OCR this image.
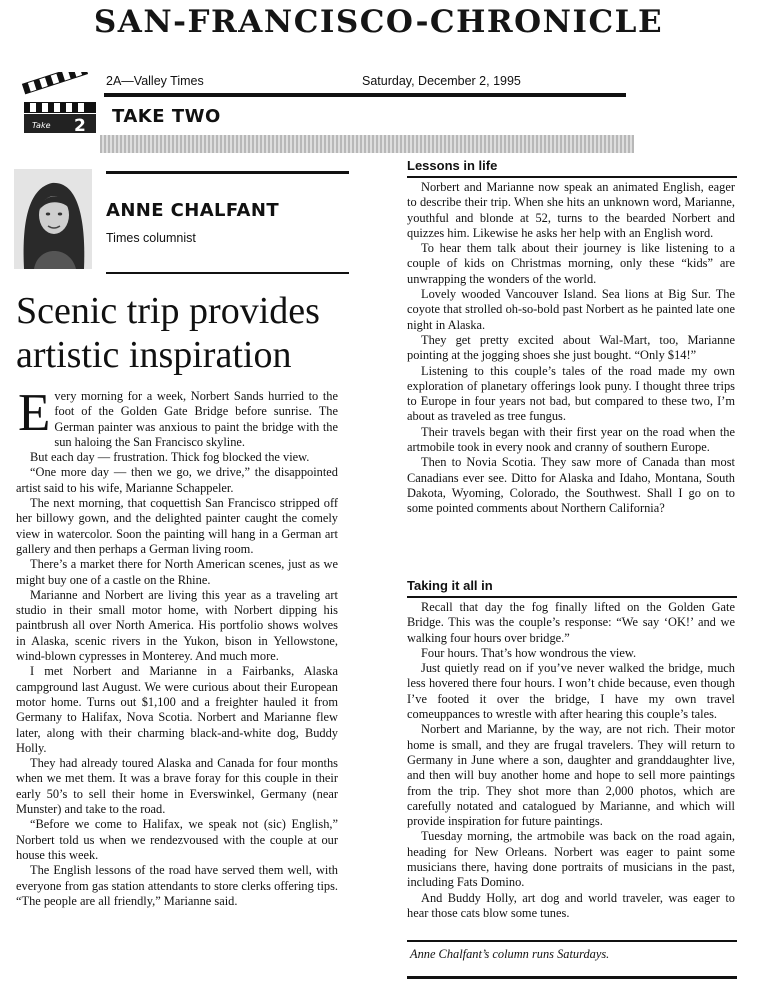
SAN-FRANCISCO-CHRONICLE
Take 2
2A—Valley Times	Saturday, December 2, 1995
TAKE TWO
ANNE CHALFANT
Times columnist
Scenic trip provides artistic inspiration
E very morning for a week, Norbert Sands hurried to the foot of the Golden Gate Bridge before sunrise. The German painter was anxious to paint the bridge with the sun haloing the San Francisco skyline.

But each day — frustration. Thick fog blocked the view.

“One more day — then we go, we drive,” the disappointed artist said to his wife, Marianne Schappeler.

The next morning, that coquettish San Francisco stripped off her billowy gown, and the delighted painter caught the comely view in watercolor. Soon the painting will hang in a German art gallery and then perhaps a German living room.

There’s a market there for North American scenes, just as we might buy one of a castle on the Rhine.

Marianne and Norbert are living this year as a traveling art studio in their small motor home, with Norbert dipping his paintbrush all over North America. His portfolio shows wolves in Alaska, scenic rivers in the Yukon, bison in Yellowstone, wind-blown cypresses in Monterey. And much more.

I met Norbert and Marianne in a Fairbanks, Alaska campground last August. We were curious about their European motor home. Turns out $1,100 and a freighter hauled it from Germany to Halifax, Nova Scotia. Norbert and Marianne flew later, along with their charming black-and-white dog, Buddy Holly.

They had already toured Alaska and Canada for four months when we met them. It was a brave foray for this couple in their early 50’s to sell their home in Everswinkel, Germany (near Munster) and take to the road.

“Before we come to Halifax, we speak not (sic) English,” Norbert told us when we rendezvoused with the couple at our house this week.

The English lessons of the road have served them well, with everyone from gas station attendants to store clerks offering tips. “The people are all friendly,” Marianne said.

Lessons in life

Norbert and Marianne now speak an animated English, eager to describe their trip. When she hits an unknown word, Marianne, youthful and blonde at 52, turns to the bearded Norbert and quizzes him. Likewise he asks her help with an English word.

To hear them talk about their journey is like listening to a couple of kids on Christmas morning, only these “kids” are unwrapping the wonders of the world.

Lovely wooded Vancouver Island. Sea lions at Big Sur. The coyote that strolled oh-so-bold past Norbert as he painted late one night in Alaska.

They get pretty excited about Wal-Mart, too, Marianne pointing at the jogging shoes she just bought. “Only $14!”

Listening to this couple’s tales of the road made my own exploration of planetary offerings look puny. I thought three trips to Europe in four years not bad, but compared to these two, I’m about as traveled as tree fungus.

Their travels began with their first year on the road when the artmobile took in every nook and cranny of southern Europe.

Then to Novia Scotia. They saw more of Canada than most Canadians ever see. Ditto for Alaska and Idaho, Montana, South Dakota, Wyoming, Colorado, the Southwest. Shall I go on to some pointed comments about Northern California?

Taking it all in

Recall that day the fog finally lifted on the Golden Gate Bridge. This was the couple’s response: “We say ‘OK!’ and we walking four hours over bridge.”

Four hours. That’s how wondrous the view.

Just quietly read on if you’ve never walked the bridge, much less hovered there four hours. I won’t chide because, even though I’ve footed it over the bridge, I have my own travel comeuppances to wrestle with after hearing this couple’s tales.

Norbert and Marianne, by the way, are not rich. Their motor home is small, and they are frugal travelers. They will return to Germany in June where a son, daughter and granddaughter live, and then will buy another home and hope to sell more paintings from the trip. They shot more than 2,000 photos, which are carefully notated and catalogued by Marianne, and which will provide inspiration for future paintings.

Tuesday morning, the artmobile was back on the road again, heading for New Orleans. Norbert was eager to paint some musicians there, having done portraits of musicians in the past, including Fats Domino.

And Buddy Holly, art dog and world traveler, was eager to hear those cats blow some tunes.

Anne Chalfant’s column runs Saturdays.
